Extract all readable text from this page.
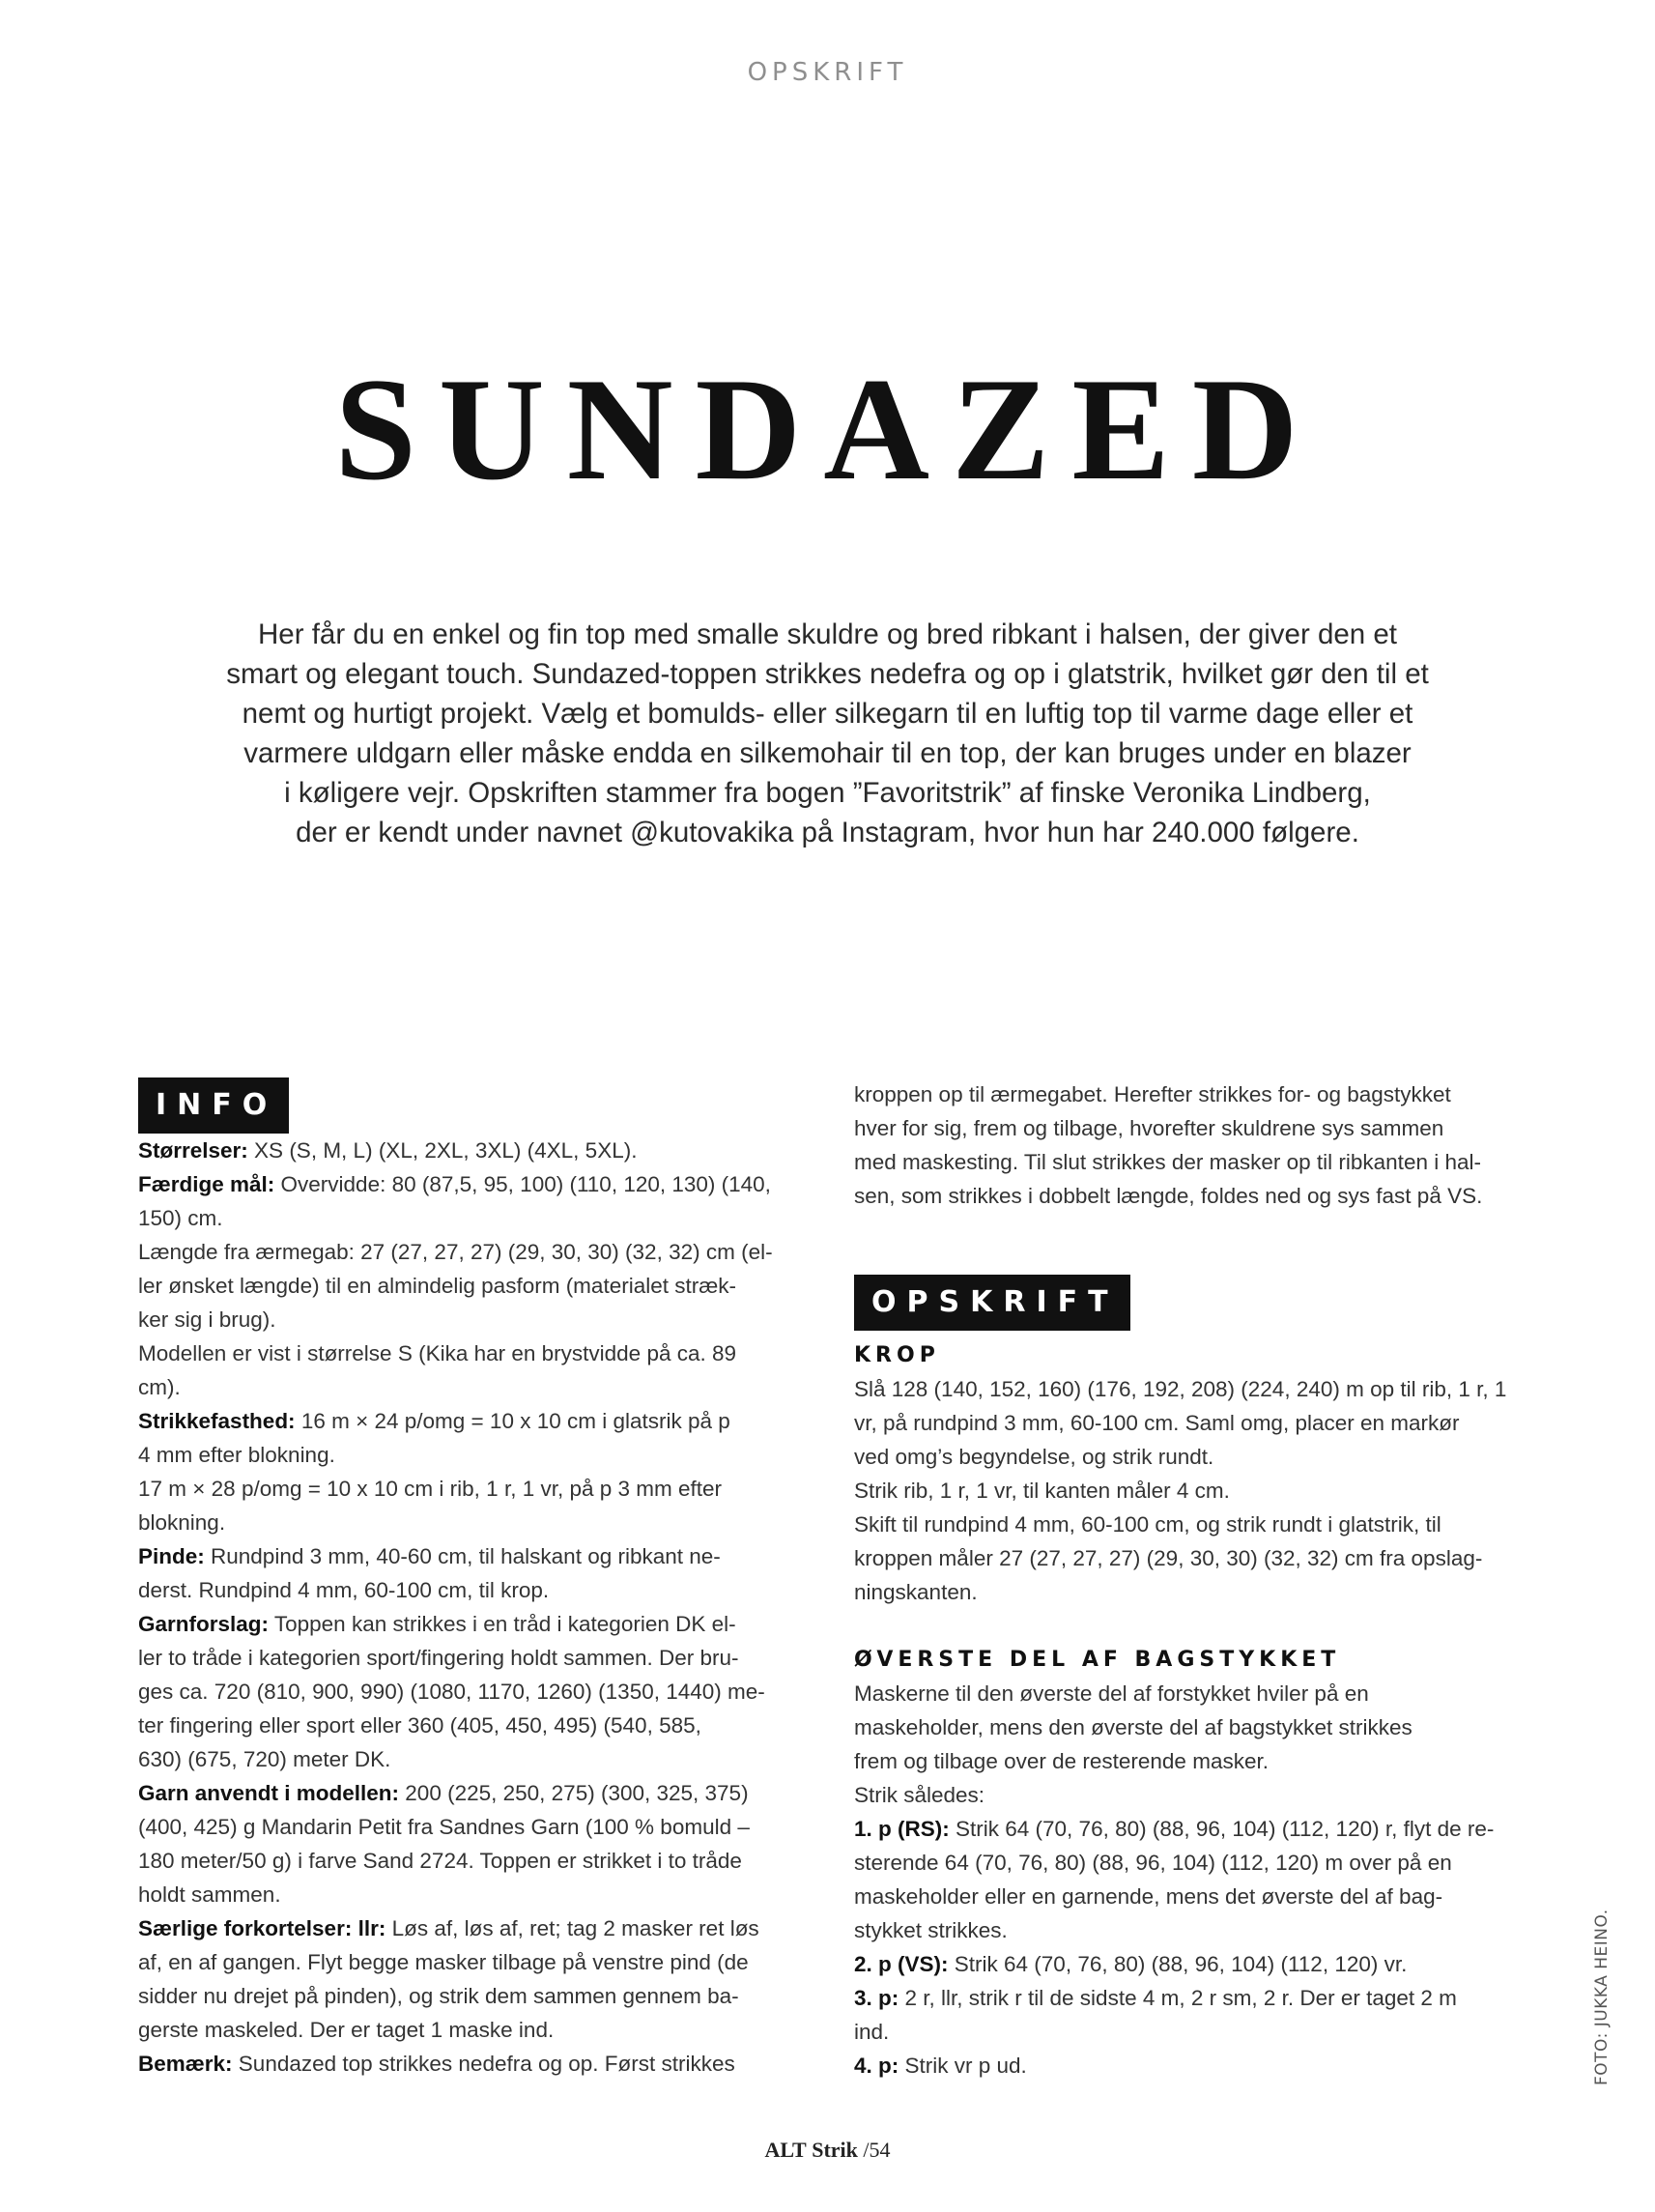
OPSKRIFT
SUNDAZED
Her får du en enkel og fin top med smalle skuldre og bred ribkant i halsen, der giver den et
smart og elegant touch. Sundazed-toppen strikkes nedefra og op i glatstrik, hvilket gør den til et
nemt og hurtigt projekt. Vælg et bomulds- eller silkegarn til en luftig top til varme dage eller et
varmere uldgarn eller måske endda en silkemohair til en top, der kan bruges under en blazer
i køligere vejr. Opskriften stammer fra bogen ”Favoritstrik” af finske Veronika Lindberg,
der er kendt under navnet @kutovakika på Instagram, hvor hun har 240.000 følgere.
INFO
Størrelser: XS (S, M, L) (XL, 2XL, 3XL) (4XL, 5XL).
Færdige mål: Overvidde: 80 (87,5, 95, 100) (110, 120, 130) (140,
150) cm.
Længde fra ærmegab: 27 (27, 27, 27) (29, 30, 30) (32, 32) cm (el-
ler ønsket længde) til en almindelig pasform (materialet stræk-
ker sig i brug).
Modellen er vist i størrelse S (Kika har en brystvidde på ca. 89
cm).
Strikkefasthed: 16 m × 24 p/omg = 10 x 10 cm i glatsrik på p
4 mm efter blokning.
17 m × 28 p/omg = 10 x 10 cm i rib, 1 r, 1 vr, på p 3 mm efter
blokning.
Pinde: Rundpind 3 mm, 40-60 cm, til halskant og ribkant ne-
derst. Rundpind 4 mm, 60-100 cm, til krop.
Garnforslag: Toppen kan strikkes i en tråd i kategorien DK el-
ler to tråde i kategorien sport/fingering holdt sammen. Der bru-
ges ca. 720 (810, 900, 990) (1080, 1170, 1260) (1350, 1440) me-
ter fingering eller sport eller 360 (405, 450, 495) (540, 585,
630) (675, 720) meter DK.
Garn anvendt i modellen: 200 (225, 250, 275) (300, 325, 375)
(400, 425) g Mandarin Petit fra Sandnes Garn (100 % bomuld –
180 meter/50 g) i farve Sand 2724. Toppen er strikket i to tråde
holdt sammen.
Særlige forkortelser: llr: Løs af, løs af, ret; tag 2 masker ret løs
af, en af gangen. Flyt begge masker tilbage på venstre pind (de
sidder nu drejet på pinden), og strik dem sammen gennem ba-
gerste maskeled. Der er taget 1 maske ind.
Bemærk: Sundazed top strikkes nedefra og op. Først strikkes
kroppen op til ærmegabet. Herefter strikkes for- og bagstykket
hver for sig, frem og tilbage, hvorefter skuldrene sys sammen
med maskesting. Til slut strikkes der masker op til ribkanten i hal-
sen, som strikkes i dobbelt længde, foldes ned og sys fast på VS.
OPSKRIFT
KROP
Slå 128 (140, 152, 160) (176, 192, 208) (224, 240) m op til rib, 1 r, 1
vr, på rundpind 3 mm, 60-100 cm. Saml omg, placer en markør
ved omg’s begyndelse, og strik rundt.
Strik rib, 1 r, 1 vr, til kanten måler 4 cm.
Skift til rundpind 4 mm, 60-100 cm, og strik rundt i glatstrik, til
kroppen måler 27 (27, 27, 27) (29, 30, 30) (32, 32) cm fra opslag-
ningskanten.
ØVERSTE DEL AF BAGSTYKKET
Maskerne til den øverste del af forstykket hviler på en
maskeholder, mens den øverste del af bagstykket strikkes
frem og tilbage over de resterende masker.
Strik således:
1. p (RS): Strik 64 (70, 76, 80) (88, 96, 104) (112, 120) r, flyt de re-
sterende 64 (70, 76, 80) (88, 96, 104) (112, 120) m over på en
maskeholder eller en garnende, mens det øverste del af bag-
stykket strikkes.
2. p (VS): Strik 64 (70, 76, 80) (88, 96, 104) (112, 120) vr.
3. p: 2 r, llr, strik r til de sidste 4 m, 2 r sm, 2 r. Der er taget 2 m
ind.
4. p: Strik vr p ud.	FOTO: JUKKA HEINO.
ALT Strik /54
